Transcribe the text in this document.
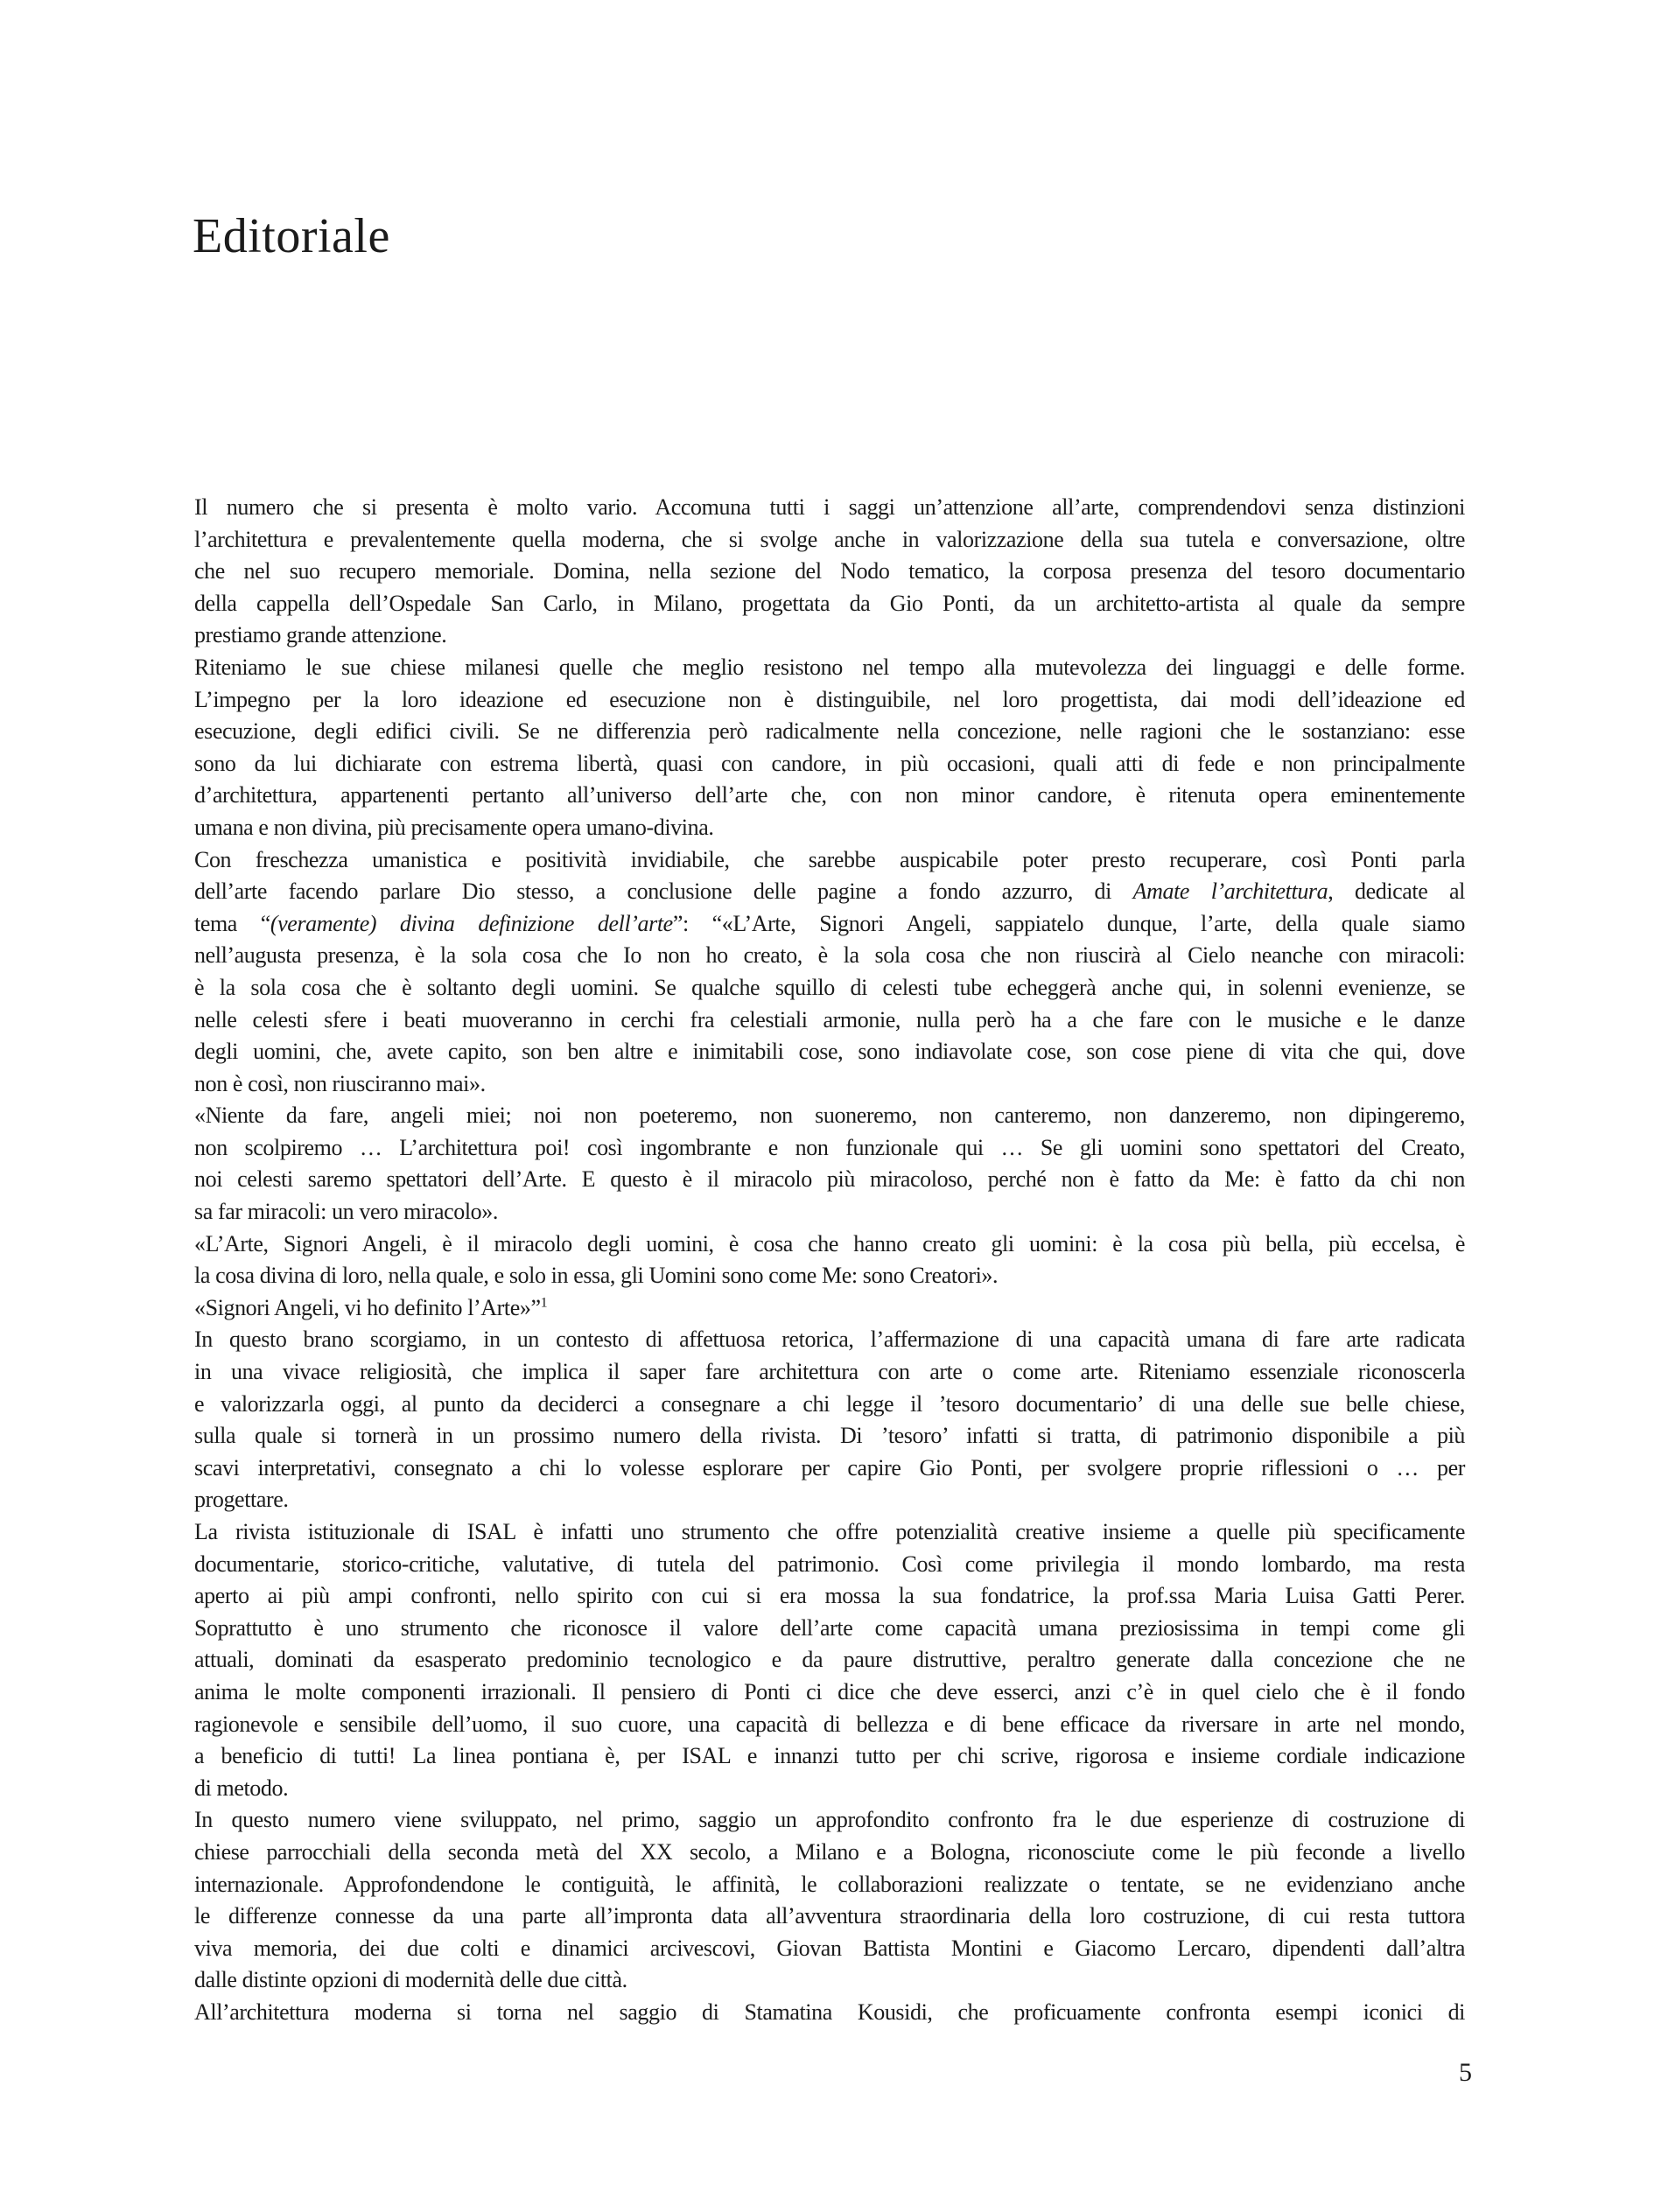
Editoriale
Il numero che si presenta è molto vario. Accomuna tutti i saggi un’attenzione all’arte, comprendendovi senza distinzioni
l’architettura e prevalentemente quella moderna, che si svolge anche in valorizzazione della sua tutela e conversazione, oltre
che nel suo recupero memoriale. Domina, nella sezione del Nodo tematico, la corposa presenza del tesoro documentario
della cappella dell’Ospedale San Carlo, in Milano, progettata da Gio Ponti, da un architetto-artista al quale da sempre
prestiamo grande attenzione.
Riteniamo le sue chiese milanesi quelle che meglio resistono nel tempo alla mutevolezza dei linguaggi e delle forme.
L’impegno per la loro ideazione ed esecuzione non è distinguibile, nel loro progettista, dai modi dell’ideazione ed
esecuzione, degli edifici civili. Se ne differenzia però radicalmente nella concezione, nelle ragioni che le sostanziano: esse
sono da lui dichiarate con estrema libertà, quasi con candore, in più occasioni, quali atti di fede e non principalmente
d’architettura, appartenenti pertanto all’universo dell’arte che, con non minor candore, è ritenuta opera eminentemente
umana e non divina, più precisamente opera umano-divina.
Con freschezza umanistica e positività invidiabile, che sarebbe auspicabile poter presto recuperare, così Ponti parla
dell’arte facendo parlare Dio stesso, a conclusione delle pagine a fondo azzurro, di Amate l’architettura, dedicate al
tema “(veramente) divina definizione dell’arte”: “«L’Arte, Signori Angeli, sappiatelo dunque, l’arte, della quale siamo
nell’augusta presenza, è la sola cosa che Io non ho creato, è la sola cosa che non riuscirà al Cielo neanche con miracoli:
è la sola cosa che è soltanto degli uomini. Se qualche squillo di celesti tube echeggerà anche qui, in solenni evenienze, se
nelle celesti sfere i beati muoveranno in cerchi fra celestiali armonie, nulla però ha a che fare con le musiche e le danze
degli uomini, che, avete capito, son ben altre e inimitabili cose, sono indiavolate cose, son cose piene di vita che qui, dove
non è così, non riusciranno mai».
«Niente da fare, angeli miei; noi non poeteremo, non suoneremo, non canteremo, non danzeremo, non dipingeremo,
non scolpiremo … L’architettura poi! così ingombrante e non funzionale qui … Se gli uomini sono spettatori del Creato,
noi celesti saremo spettatori dell’Arte. E questo è il miracolo più miracoloso, perché non è fatto da Me: è fatto da chi non
sa far miracoli: un vero miracolo».
«L’Arte, Signori Angeli, è il miracolo degli uomini, è cosa che hanno creato gli uomini: è la cosa più bella, più eccelsa, è
la cosa divina di loro, nella quale, e solo in essa, gli Uomini sono come Me: sono Creatori».
«Signori Angeli, vi ho definito l’Arte»”$^1$
In questo brano scorgiamo, in un contesto di affettuosa retorica, l’affermazione di una capacità umana di fare arte radicata
in una vivace religiosità, che implica il saper fare architettura con arte o come arte. Riteniamo essenziale riconoscerla
e valorizzarla oggi, al punto da deciderci a consegnare a chi legge il ’tesoro documentario’ di una delle sue belle chiese,
sulla quale si tornerà in un prossimo numero della rivista. Di ’tesoro’ infatti si tratta, di patrimonio disponibile a più
scavi interpretativi, consegnato a chi lo volesse esplorare per capire Gio Ponti, per svolgere proprie riflessioni o … per
progettare.
La rivista istituzionale di ISAL è infatti uno strumento che offre potenzialità creative insieme a quelle più specificamente
documentarie, storico-critiche, valutative, di tutela del patrimonio. Così come privilegia il mondo lombardo, ma resta
aperto ai più ampi confronti, nello spirito con cui si era mossa la sua fondatrice, la prof.ssa Maria Luisa Gatti Perer.
Soprattutto è uno strumento che riconosce il valore dell’arte come capacità umana preziosissima in tempi come gli
attuali, dominati da esasperato predominio tecnologico e da paure distruttive, peraltro generate dalla concezione che ne
anima le molte componenti irrazionali. Il pensiero di Ponti ci dice che deve esserci, anzi c’è in quel cielo che è il fondo
ragionevole e sensibile dell’uomo, il suo cuore, una capacità di bellezza e di bene efficace da riversare in arte nel mondo,
a beneficio di tutti! La linea pontiana è, per ISAL e innanzi tutto per chi scrive, rigorosa e insieme cordiale indicazione
di metodo.
In questo numero viene sviluppato, nel primo, saggio un approfondito confronto fra le due esperienze di costruzione di
chiese parrocchiali della seconda metà del XX secolo, a Milano e a Bologna, riconosciute come le più feconde a livello
internazionale. Approfondendone le contiguità, le affinità, le collaborazioni realizzate o tentate, se ne evidenziano anche
le differenze connesse da una parte all’impronta data all’avventura straordinaria della loro costruzione, di cui resta tuttora
viva memoria, dei due colti e dinamici arcivescovi, Giovan Battista Montini e Giacomo Lercaro, dipendenti dall’altra
dalle distinte opzioni di modernità delle due città.
All’architettura moderna si torna nel saggio di Stamatina Kousidi, che proficuamente confronta esempi iconici di
5
